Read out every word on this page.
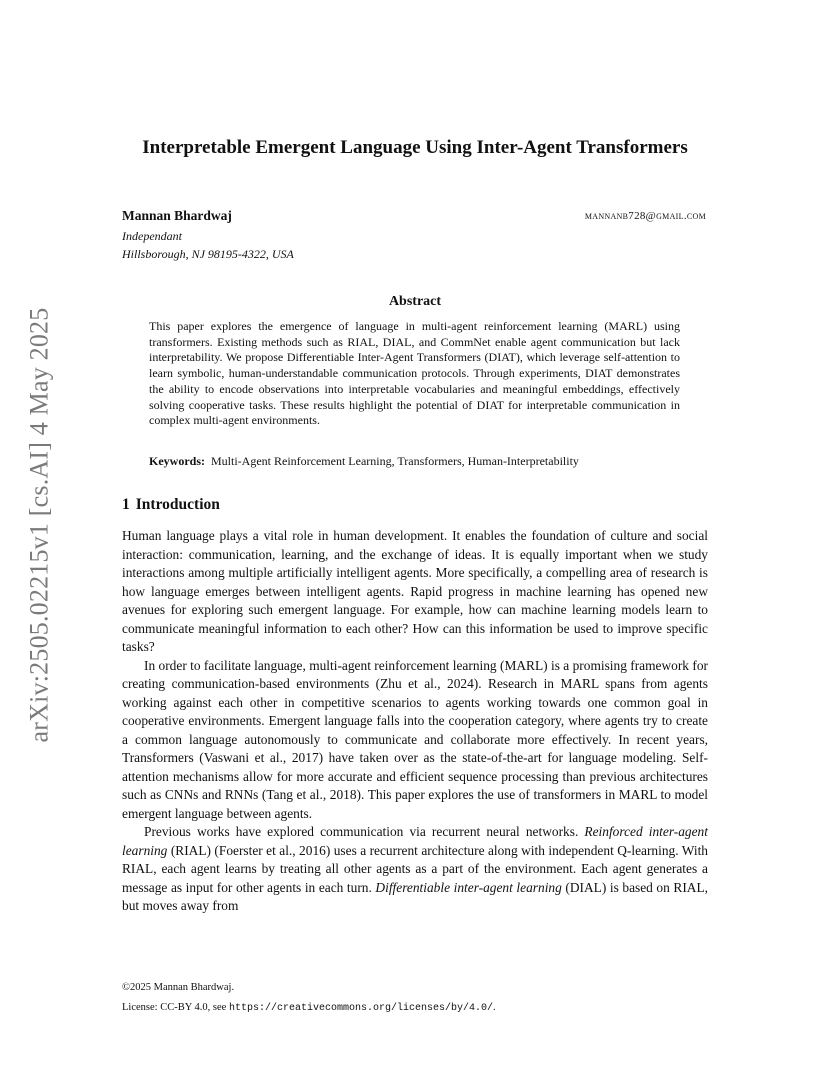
arXiv:2505.02215v1 [cs.AI] 4 May 2025
Interpretable Emergent Language Using Inter-Agent Transformers
Mannan Bhardwaj	mannanb728@gmail.com
Independant
Hillsborough, NJ 98195-4322, USA
Abstract
This paper explores the emergence of language in multi-agent reinforcement learning (MARL) using transformers. Existing methods such as RIAL, DIAL, and CommNet enable agent communication but lack interpretability. We propose Differentiable Inter-Agent Transformers (DIAT), which leverage self-attention to learn symbolic, human-understandable communication protocols. Through experiments, DIAT demonstrates the ability to encode observations into interpretable vocabularies and meaningful embeddings, effectively solving cooperative tasks. These results highlight the potential of DIAT for interpretable communication in complex multi-agent environments.
Keywords: Multi-Agent Reinforcement Learning, Transformers, Human-Interpretability
1 Introduction

Human language plays a vital role in human development. It enables the foundation of culture and social interaction: communication, learning, and the exchange of ideas. It is equally important when we study interactions among multiple artificially intelligent agents. More specifically, a compelling area of research is how language emerges between intelligent agents. Rapid progress in machine learning has opened new avenues for exploring such emergent language. For example, how can machine learning models learn to communicate meaningful information to each other? How can this information be used to improve specific tasks?

In order to facilitate language, multi-agent reinforcement learning (MARL) is a promising framework for creating communication-based environments (Zhu et al., 2024). Research in MARL spans from agents working against each other in competitive scenarios to agents working towards one common goal in cooperative environments. Emergent language falls into the cooperation category, where agents try to create a common language autonomously to communicate and collaborate more effectively. In recent years, Transformers (Vaswani et al., 2017) have taken over as the state-of-the-art for language modeling. Self-attention mechanisms allow for more accurate and efficient sequence processing than previous architectures such as CNNs and RNNs (Tang et al., 2018). This paper explores the use of transformers in MARL to model emergent language between agents.

Previous works have explored communication via recurrent neural networks. Reinforced inter-agent learning (RIAL) (Foerster et al., 2016) uses a recurrent architecture along with independent Q-learning. With RIAL, each agent learns by treating all other agents as a part of the environment. Each agent generates a message as input for other agents in each turn. Differentiable inter-agent learning (DIAL) is based on RIAL, but moves away from

©2025 Mannan Bhardwaj.
License: CC-BY 4.0, see https://creativecommons.org/licenses/by/4.0/.
